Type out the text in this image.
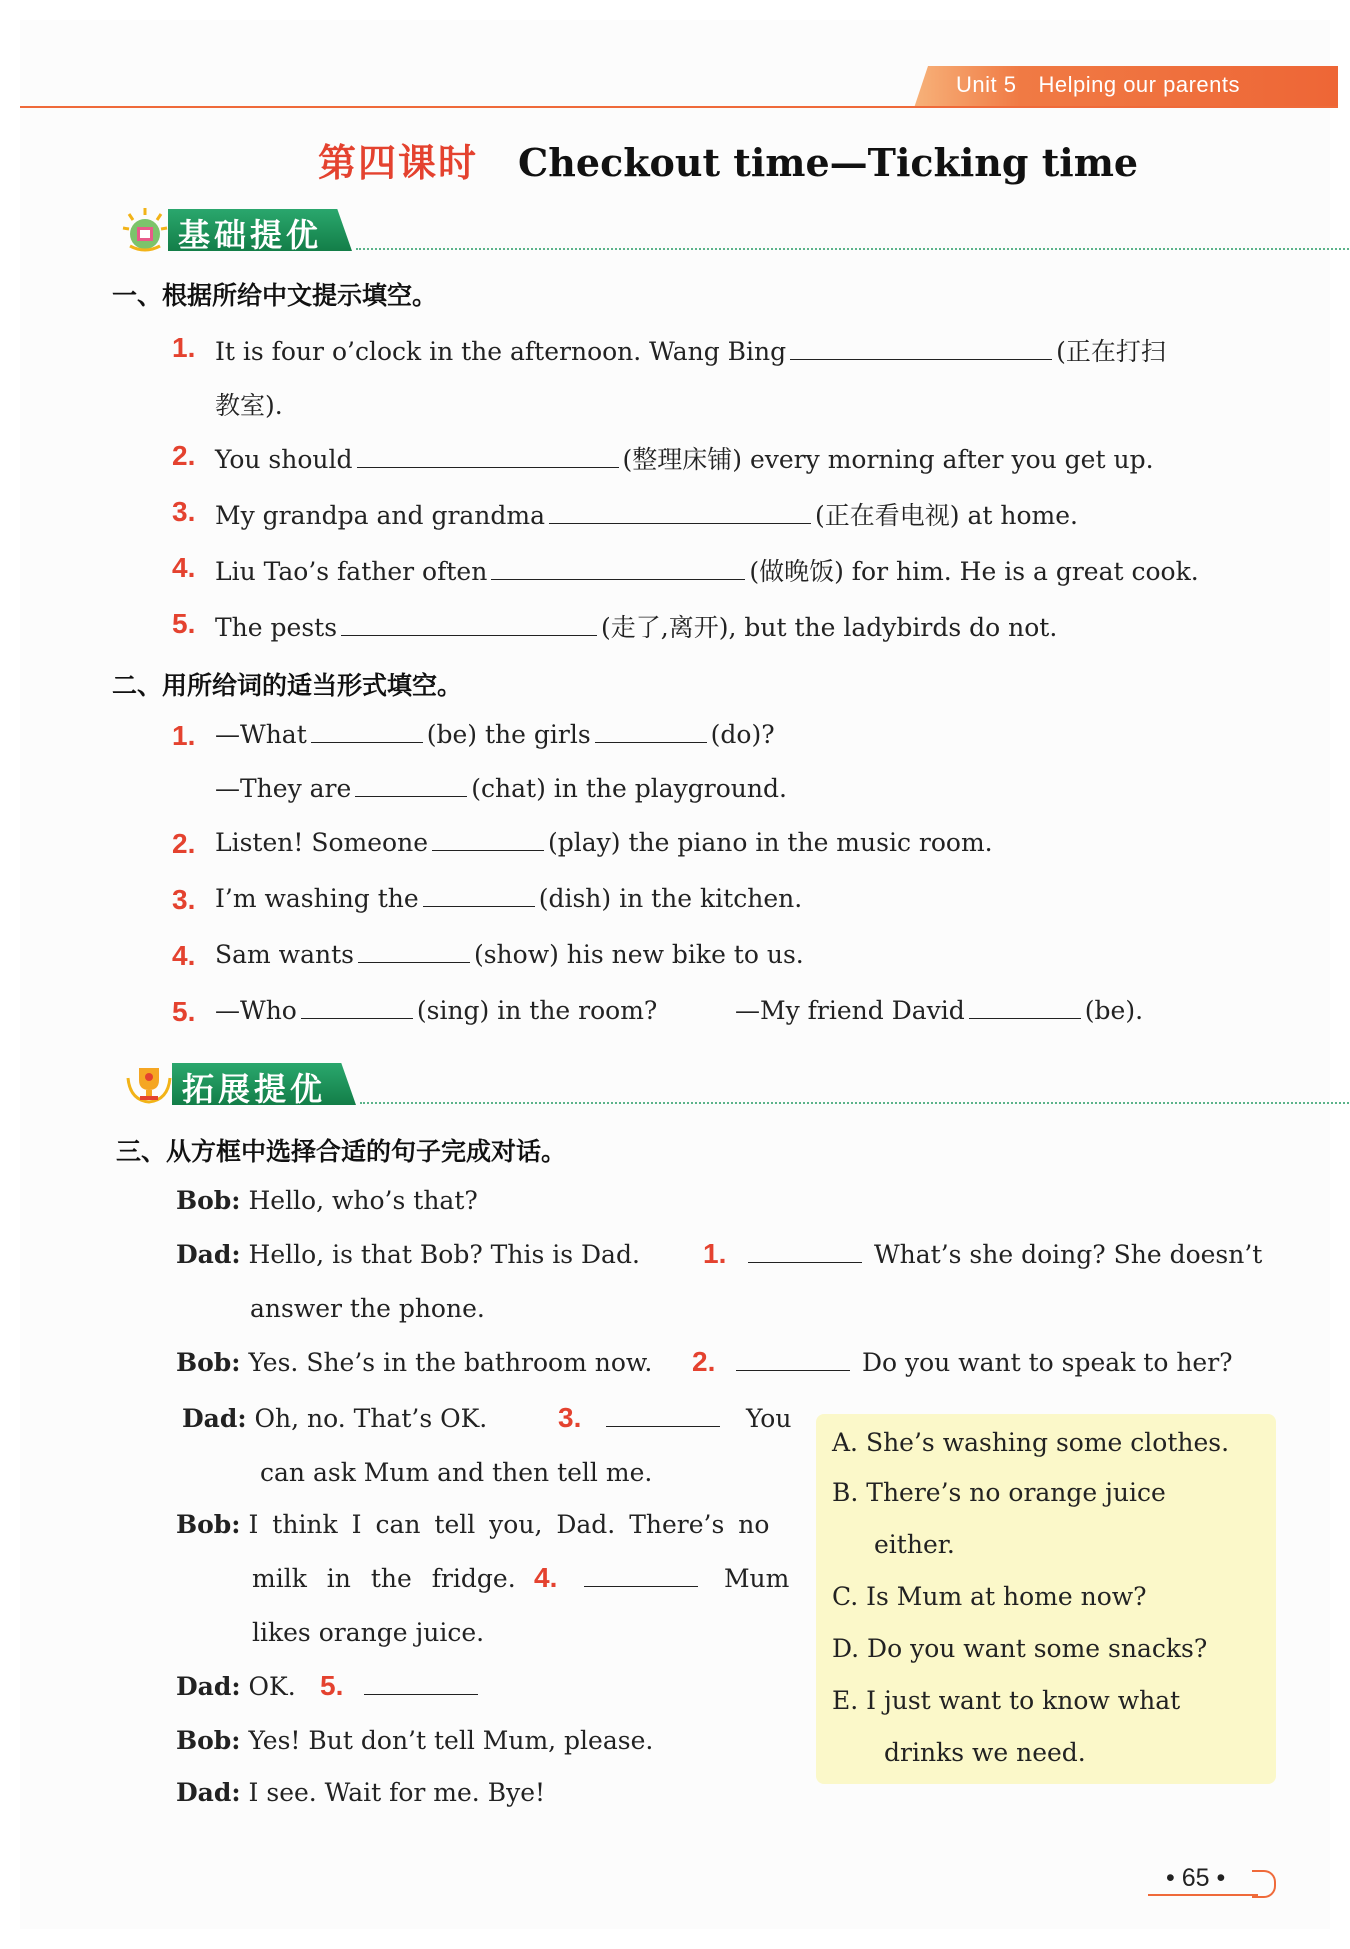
Unit 5 Helping our parents
第四课时 Checkout time—Ticking time
基础提优
一、根据所给中文提示填空。
1. It is four o’clock in the afternoon. Wang Bing	(正在打扫
教室).
2. You should	(整理床铺) every morning after you get up.
3. My grandpa and grandma	(正在看电视) at home.
4. Liu Tao’s father often	(做晚饭) for him. He is a great cook.
5. The pests	(走了,离开), but the ladybirds do not.
二、用所给词的适当形式填空。
1. —What	(be) the girls	(do)?
—They are	(chat) in the playground.
2. Listen! Someone	(play) the piano in the music room.
3. I’m washing the	(dish) in the kitchen.
4. Sam wants	(show) his new bike to us.
5. —Who	(sing) in the room?	—My friend David	(be).
拓展提优
三、从方框中选择合适的句子完成对话。
Bob: Hello, who’s that?
Dad: Hello, is that Bob? This is Dad. 1.	What’s she doing? She doesn’t
answer the phone.
Bob: Yes. She’s in the bathroom now. 2.	Do you want to speak to her?
Dad: Oh, no. That’s OK.	3.	You
can ask Mum and then tell me.
Bob: I think I can tell you, Dad. There’s no
milk in the fridge. 4.	Mum
likes orange juice.
Dad: OK. 5.
Bob: Yes! But don’t tell Mum, please.
Dad: I see. Wait for me. Bye!
A. She’s washing some clothes.
B. There’s no orange juice
either.
C. Is Mum at home now?
D. Do you want some snacks?
E. I just want to know what
drinks we need.
• 65 •
